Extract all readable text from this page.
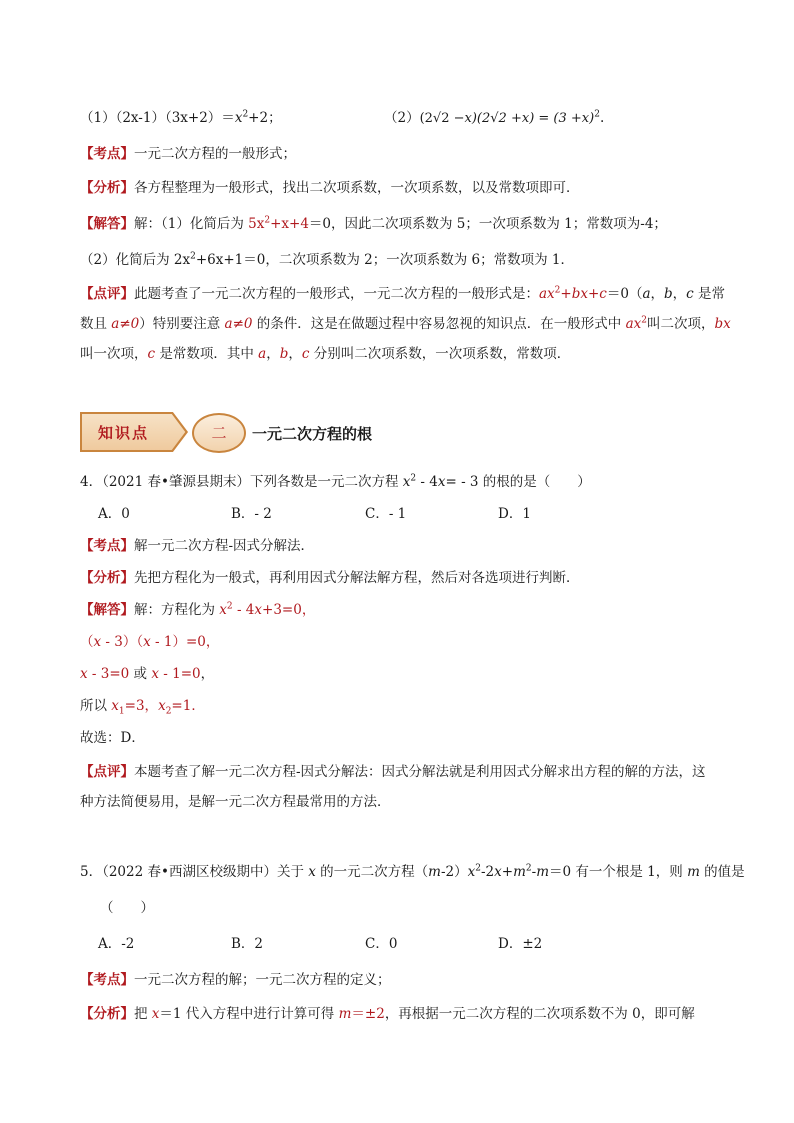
$(1)(2x-1)(3x+2)=x^2+2$；	$(2)(2√2 -x)(2√2 +x) = (3 +x)^2$.
【考点】一元二次方程的一般形式；
【分析】各方程整理为一般形式，找出二次项系数，一次项系数，以及常数项即可．
【解答】解：（1）化简后为 $5x^2+x+4=0$，因此二次项系数为 5；一次项系数为 1；常数项为-4；
（2）化简后为 $2x^2+6x+1=0$，二次项系数为 2；一次项系数为 6；常数项为 1．
【点评】此题考查了一元二次方程的一般形式，一元二次方程的一般形式是：$ax^2+bx+c=0(a$，b，c 是常
数且 a≠0）特别要注意 a≠0 的条件．这是在做题过程中容易忽视的知识点．在一般形式中 $ax^2$叫二次项，bx
叫一次项，c 是常数项．其中 a，b，c 分别叫二次项系数，一次项系数，常数项．
知识点	二	一元二次方程的根
4．（2021 春•肇源县期末）下列各数是一元二次方程 $x^2 - 4x= - 3$ 的根的是（　　）
A．0	B．- 2	C．- 1	D．1
【考点】解一元二次方程-因式分解法．
【分析】先把方程化为一般式，再利用因式分解法解方程，然后对各选项进行判断．
【解答】解：方程化为 $x^2 - 4x+3=0$，
（x - 3）（x - 1）=0，
x - 3=0 或 x - 1=0，
所以 $x_1=3$，$x_2=1$．
故选：D．
【点评】本题考查了解一元二次方程-因式分解法：因式分解法就是利用因式分解求出方程的解的方法，这
种方法简便易用，是解一元二次方程最常用的方法．
5．（2022 春•西湖区校级期中）关于 x 的一元二次方程$(m-2)x^2-2x+m^2-m=0$ 有一个根是 1，则 m 的值是
（　　）
A．-2	B．2	C．0	D．±2
【考点】一元二次方程的解；一元二次方程的定义；
【分析】把 x＝1 代入方程中进行计算可得 m＝±2，再根据一元二次方程的二次项系数不为 0，即可解
